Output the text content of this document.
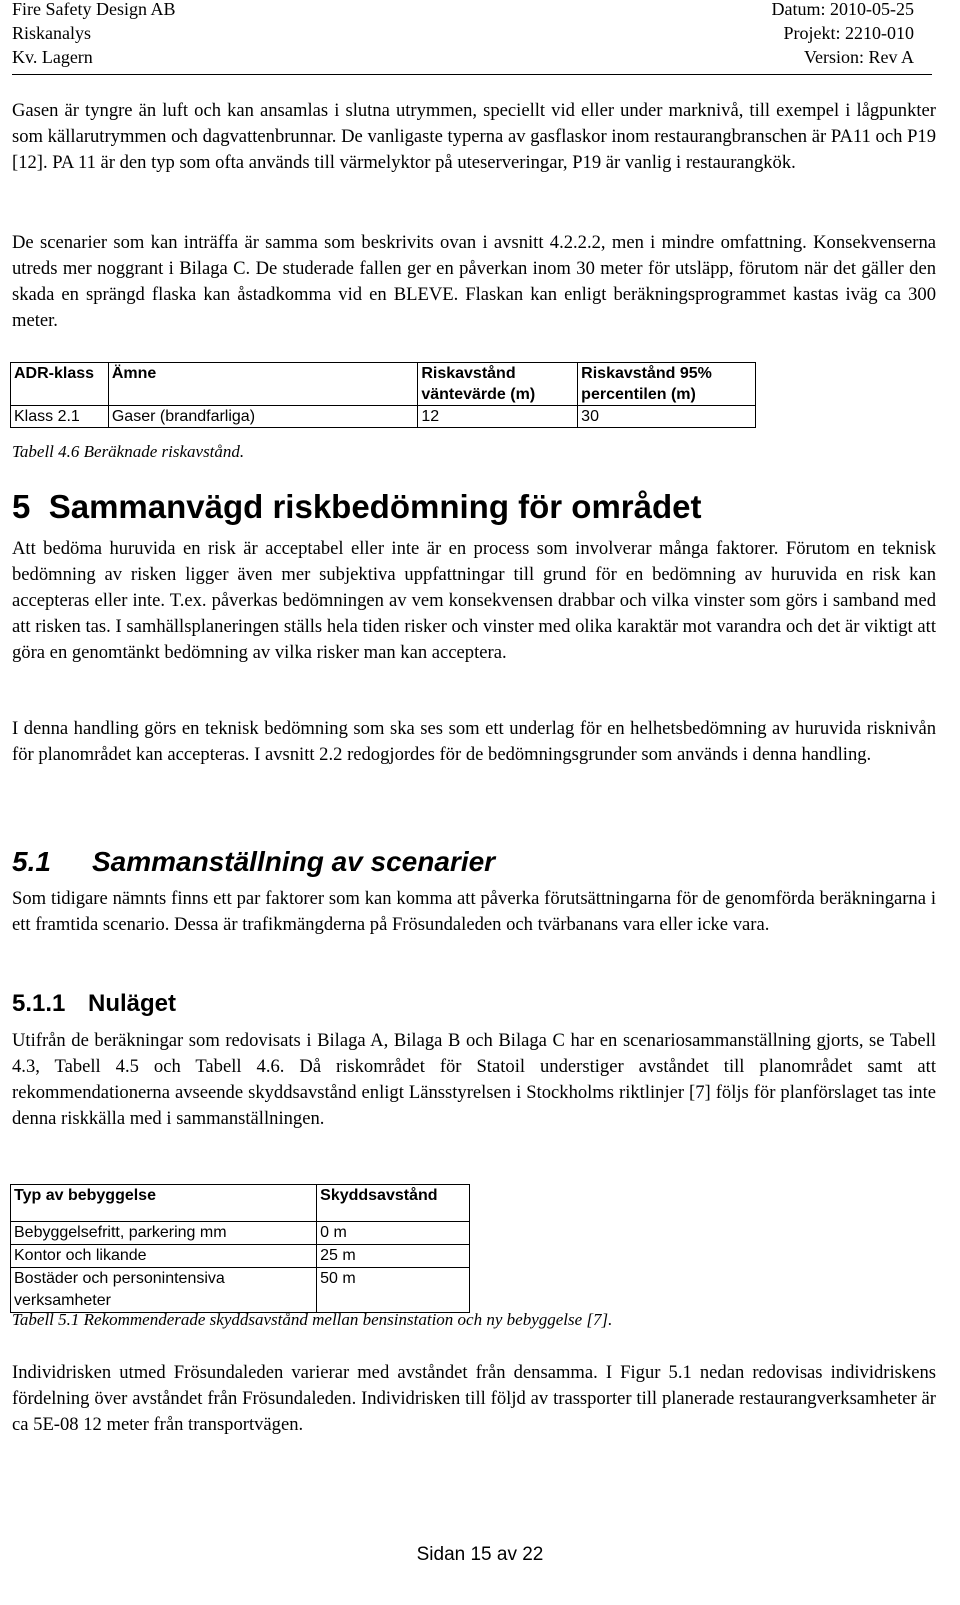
Fire Safety Design AB	Datum: 2010-05-25
Riskanalys	Projekt: 2210-010
Kv. Lagern	Version: Rev A
Gasen är tyngre än luft och kan ansamlas i slutna utrymmen, speciellt vid eller under marknivå, till exempel i lågpunkter som källarutrymmen och dagvattenbrunnar. De vanligaste typerna av gasflaskor inom restaurangbranschen är PA11 och P19 [12]. PA 11 är den typ som ofta används till värmelyktor på uteserveringar, P19 är vanlig i restaurangkök.
De scenarier som kan inträffa är samma som beskrivits ovan i avsnitt 4.2.2.2, men i mindre omfattning. Konsekvenserna utreds mer noggrant i Bilaga C. De studerade fallen ger en påverkan inom 30 meter för utsläpp, förutom när det gäller den skada en sprängd flaska kan åstadkomma vid en BLEVE. Flaskan kan enligt beräkningsprogrammet kastas iväg ca 300 meter.
ADR-klass	Ämne	Riskavstånd väntevärde (m)	Riskavstånd 95% percentilen (m)
Klass 2.1	Gaser (brandfarliga)	12	30
Tabell 4.6 Beräknade riskavstånd.
5 Sammanvägd riskbedömning för området
Att bedöma huruvida en risk är acceptabel eller inte är en process som involverar många faktorer. Förutom en teknisk bedömning av risken ligger även mer subjektiva uppfattningar till grund för en bedömning av huruvida en risk kan accepteras eller inte. T.ex. påverkas bedömningen av vem konsekvensen drabbar och vilka vinster som görs i samband med att risken tas. I samhällsplaneringen ställs hela tiden risker och vinster med olika karaktär mot varandra och det är viktigt att göra en genomtänkt bedömning av vilka risker man kan acceptera.
I denna handling görs en teknisk bedömning som ska ses som ett underlag för en helhetsbedömning av huruvida risknivån för planområdet kan accepteras. I avsnitt 2.2 redogjordes för de bedömningsgrunder som används i denna handling.
5.1 Sammanställning av scenarier
Som tidigare nämnts finns ett par faktorer som kan komma att påverka förutsättningarna för de genomförda beräkningarna i ett framtida scenario. Dessa är trafikmängderna på Frösundaleden och tvärbanans vara eller icke vara.
5.1.1 Nuläget
Utifrån de beräkningar som redovisats i Bilaga A, Bilaga B och Bilaga C har en scenariosammanställning gjorts, se Tabell 4.3, Tabell 4.5 och Tabell 4.6. Då riskområdet för Statoil understiger avståndet till planområdet samt att rekommendationerna avseende skyddsavstånd enligt Länsstyrelsen i Stockholms riktlinjer [7] följs för planförslaget tas inte denna riskkälla med i sammanställningen.
Typ av bebyggelse	Skyddsavstånd
Bebyggelsefritt, parkering mm	0 m
Kontor och likande	25 m
Bostäder och personintensiva verksamheter	50 m
Tabell 5.1 Rekommenderade skyddsavstånd mellan bensinstation och ny bebyggelse [7].
Individrisken utmed Frösundaleden varierar med avståndet från densamma. I Figur 5.1 nedan redovisas individriskens fördelning över avståndet från Frösundaleden. Individrisken till följd av trassporter till planerade restaurangverksamheter är ca 5E-08 12 meter från transportvägen.
Sidan 15 av 22
